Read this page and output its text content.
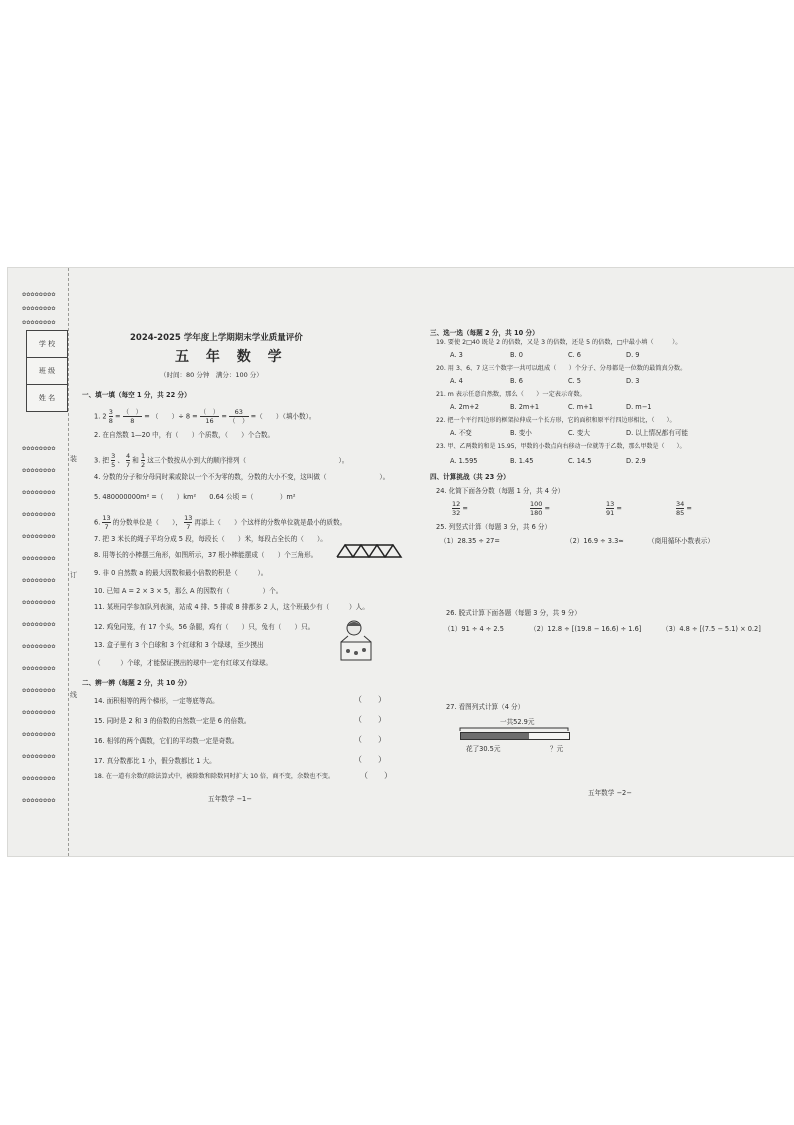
✿✿✿✿✿✿✿✿
✿✿✿✿✿✿✿✿
✿✿✿✿✿✿✿✿
✿✿✿✿✿✿✿✿
✿✿✿✿✿✿✿✿
✿✿✿✿✿✿✿✿
✿✿✿✿✿✿✿✿
✿✿✿✿✿✿✿✿
✿✿✿✿✿✿✿✿
✿✿✿✿✿✿✿✿
✿✿✿✿✿✿✿✿
✿✿✿✿✿✿✿✿
✿✿✿✿✿✿✿✿
✿✿✿✿✿✿✿✿
✿✿✿✿✿✿✿✿
✿✿✿✿✿✿✿✿
✿✿✿✿✿✿✿✿
✿✿✿✿✿✿✿✿
✿✿✿✿✿✿✿✿
✿✿✿✿✿✿✿✿
学 校
班 级
姓 名
装
订
线
2024-2025 学年度上学期期末学业质量评价
五 年 数 学
（时间：80 分钟　满分：100 分）
一、填一填（每空 1 分，共 22 分）
1. $2 \frac{3}{8} = \frac{( )}{8}$ = （　　）÷ $8 = \frac{( )}{16} = \frac{63}{( )}$ =（　　）（填小数）。
2. 在自然数 1—20 中，有（　　）个质数，（　　）个合数。
3. 把 $\frac{3}{5}$ 、 $\frac{4}{7}$ 和 $\frac{1}{2}$ 这三个数按从小到大的顺序排列（　　　　　　　　　　　　　　）。
4. 分数的分子和分母同时乘或除以一个不为零的数，分数的大小不变，这叫做（　　　　　　　　）。
5. 480000000m² =（　　）km²　　0.64 公顷 =（　　　　）m²
6. $\frac{13}{7}$ 的分数单位是（　　）， $\frac{13}{7}$ 再添上（　　）个这样的分数单位就是最小的质数。
7. 把 3 米长的绳子平均分成 5 段，每段长（　　）米，每段占全长的（　　）。
8. 用等长的小棒摆三角形，如图所示，37 根小棒能摆成（　　）个三角形。
9. 非 0 自然数 a 的最大因数和最小倍数的积是（　　　）。
10. 已知 A = 2 × 3 × 5，那么 A 的因数有（　　　　　）个。
11. 某班同学参加队列表演，站成 4 排、5 排或 8 排都多 2 人，这个班最少有（　　　）人。
12. 鸡兔同笼，有 17 个头，56 条腿，鸡有（　　）只，兔有（　　）只。
13. 盒子里有 3 个白球和 3 个红球和 3 个绿球，至少摸出
（　　　）个球，才能保证摸出的球中一定有红球又有绿球。
二、辨一辨（每题 2 分，共 10 分）
14. 面积相等的两个梯形，一定等底等高。	（　　）
15. 同时是 2 和 3 的倍数的自然数一定是 6 的倍数。	（　　）
16. 相邻的两个偶数，它们的平均数一定是奇数。	（　　）
17. 真分数都比 1 小，假分数都比 1 大。	（　　）
18. 在一道有余数的除法算式中，被除数和除数同时扩大 10 倍，商不变，余数也不变。	（　　）
五年数学 −1−
三、选一选（每题 2 分，共 10 分）
19. 要使 2□40 既是 2 的倍数，又是 3 的倍数，还是 5 的倍数，□中最小填（　　　）。
A. 3	B. 0	C. 6	D. 9
20. 用 3、6、7 这三个数字一共可以组成（　　）个分子、分母都是一位数的最简真分数。
A. 4	B. 6	C. 5	D. 3
21. m 表示任意自然数，那么（　　）一定表示奇数。
A. 2m+2	B. 2m+1	C. m+1	D. m−1
22. 把一个平行四边形的框架拉伸成一个长方形，它的面积和原平行四边形相比，（　　）。
A. 不变	B. 变小	C. 变大	D. 以上情况都有可能
23. 甲、乙两数的和是 15.95，甲数的小数点向右移动一位就等于乙数，那么甲数是（　　）。
A. 1.595	B. 1.45	C. 14.5	D. 2.9
四、计算挑战（共 23 分）
24. 化简下面各分数（每题 1 分，共 4 分）
$\frac{12}{32}$ =	$\frac{100}{180}$ =	$\frac{13}{91}$ =	$\frac{34}{85}$ =
25. 列竖式计算（每题 3 分，共 6 分）
（1）28.35 ÷ 27=	（2）16.9 ÷ 3.3≈	（商用循环小数表示）
26. 脱式计算下面各题（每题 3 分，共 9 分）
（1）91 ÷ 4 ÷ 2.5	（2）12.8 ÷ [(19.8 − 16.6) ÷ 1.6]	（3）4.8 ÷ [(7.5 − 5.1) × 0.2]
27. 看图列式计算（4 分）
一共52.9元
花了30.5元	？元
五年数学 −2−
